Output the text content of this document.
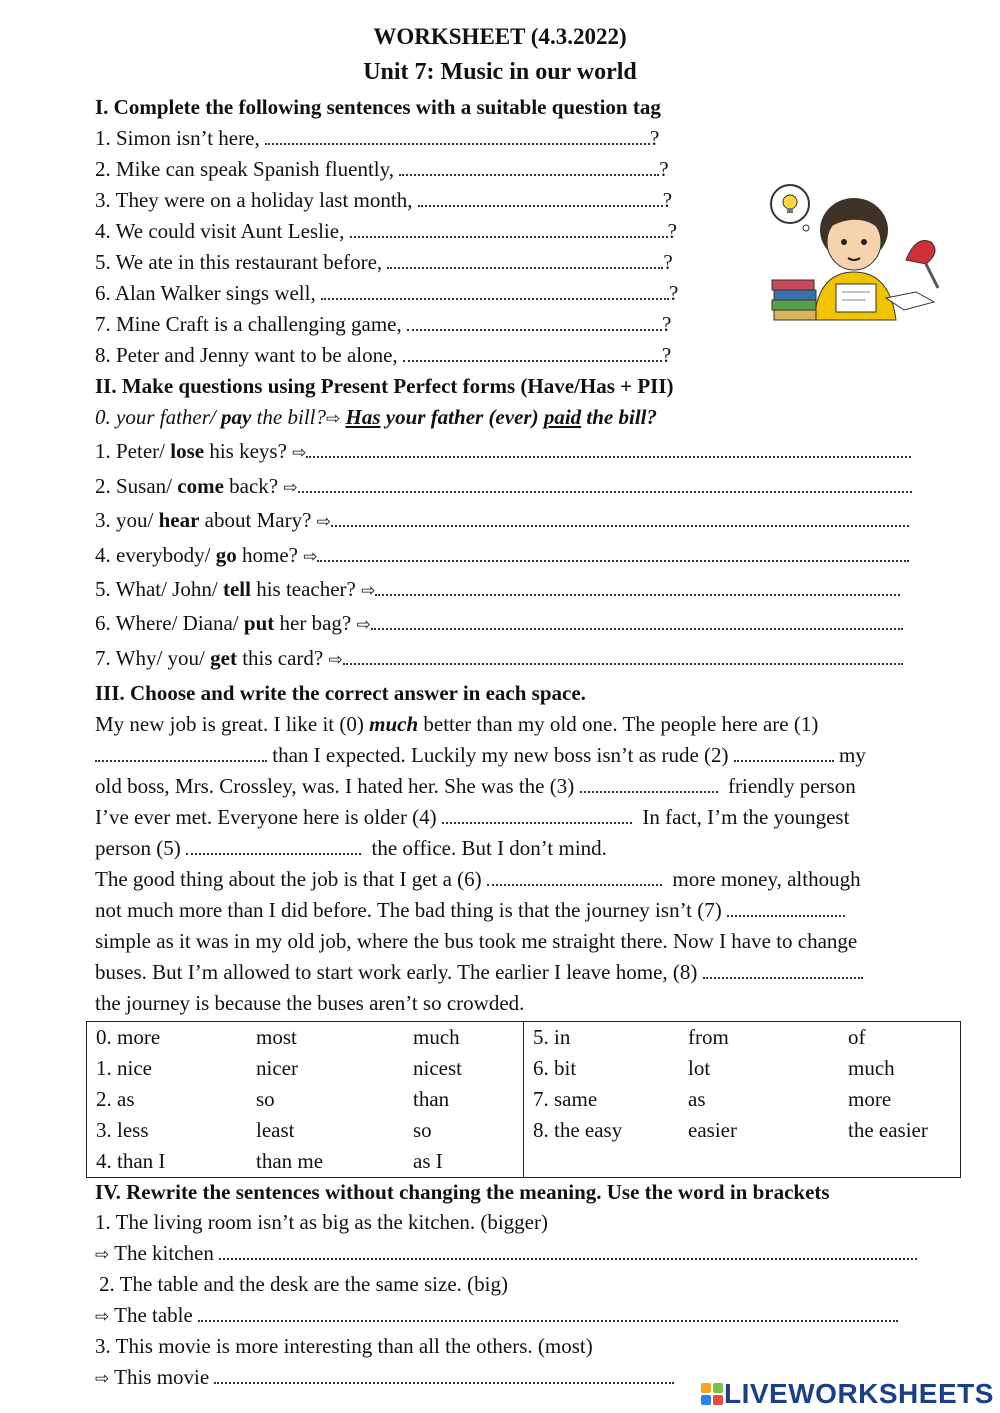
WORKSHEET (4.3.2022)
Unit 7: Music in our world
I. Complete the following sentences with a suitable question tag
1. Simon isn’t here,	?
2. Mike can speak Spanish fluently,	?
3. They were on a holiday last month,	?
4. We could visit Aunt Leslie,	?
5. We ate in this restaurant before,	?
6. Alan Walker sings well,	?
7. Mine Craft is a challenging game,	?
8. Peter and Jenny want to be alone,	?
II. Make questions using Present Perfect forms (Have/Has + PII)
0. your father/ pay the bill?⇨ Has your father (ever) paid the bill?
1. Peter/ lose his keys? ⇨
2. Susan/ come back? ⇨
3. you/ hear about Mary? ⇨
4. everybody/ go home? ⇨
5. What/ John/ tell his teacher? ⇨
6. Where/ Diana/ put her bag? ⇨
7. Why/ you/ get this card? ⇨
III. Choose and write the correct answer in each space.
My new job is great. I like it (0) much better than my old one. The people here are (1)
than I expected. Luckily my new boss isn’t as rude (2)	my
old boss, Mrs. Crossley, was. I hated her. She was the (3)	friendly person
I’ve ever met. Everyone here is older (4)	In fact, I’m the youngest
person (5)	the office. But I don’t mind.
The good thing about the job is that I get a (6)	more money, although
not much more than I did before. The bad thing is that the journey isn’t (7)
simple as it was in my old job, where the bus took me straight there. Now I have to change
buses. But I’m allowed to start work early. The earlier I leave home, (8)
the journey is because the buses aren’t so crowded.
0. more	most	much
1. nice	nicer	nicest
2. as	so	than
3. less	least	so
4. than I	than me	as I

5. in	from	of
6. bit	lot	much
7. same	as	more
8. the easy	easier	the easier
IV. Rewrite the sentences without changing the meaning. Use the word in brackets
1. The living room isn’t as big as the kitchen. (bigger)
⇨ The kitchen
2. The table and the desk are the same size. (big)
⇨ The table
3. This movie is more interesting than all the others. (most)
⇨ This movie
LIVEWORKSHEETS
